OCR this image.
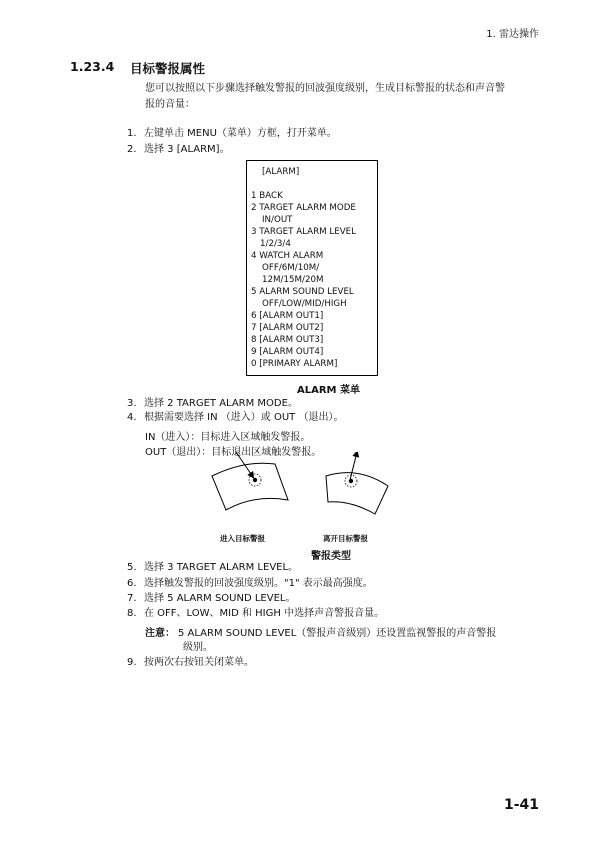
1. 雷达操作
1.23.4 目标警报属性
您可以按照以下步骤选择触发警报的回波强度级别，生成目标警报的状态和声音警
报的音量：
1. 左键单击 MENU（菜单）方框，打开菜单。
2. 选择 3 [ALARM]。
[ALARM]
1 BACK
2 TARGET ALARM MODE
IN/OUT
3 TARGET ALARM LEVEL
1/2/3/4
4 WATCH ALARM
OFF/6M/10M/
12M/15M/20M
5 ALARM SOUND LEVEL
OFF/LOW/MID/HIGH
6 [ALARM OUT1]
7 [ALARM OUT2]
8 [ALARM OUT3]
9 [ALARM OUT4]
0 [PRIMARY ALARM]
ALARM 菜单
3. 选择 2 TARGET ALARM MODE。
4. 根据需要选择 IN （进入）或 OUT （退出）。
IN（进入）：目标进入区域触发警报。
OUT（退出）：目标退出区域触发警报。
进入目标警报	离开目标警报
警报类型
5. 选择 3 TARGET ALARM LEVEL。
6. 选择触发警报的回波强度级别。"1" 表示最高强度。
7. 选择 5 ALARM SOUND LEVEL。
8. 在 OFF、LOW、MID 和 HIGH 中选择声音警报音量。
注意： 5 ALARM SOUND LEVEL（警报声音级别）还设置监视警报的声音警报
级别。
9. 按两次右按钮关闭菜单。
1-41
